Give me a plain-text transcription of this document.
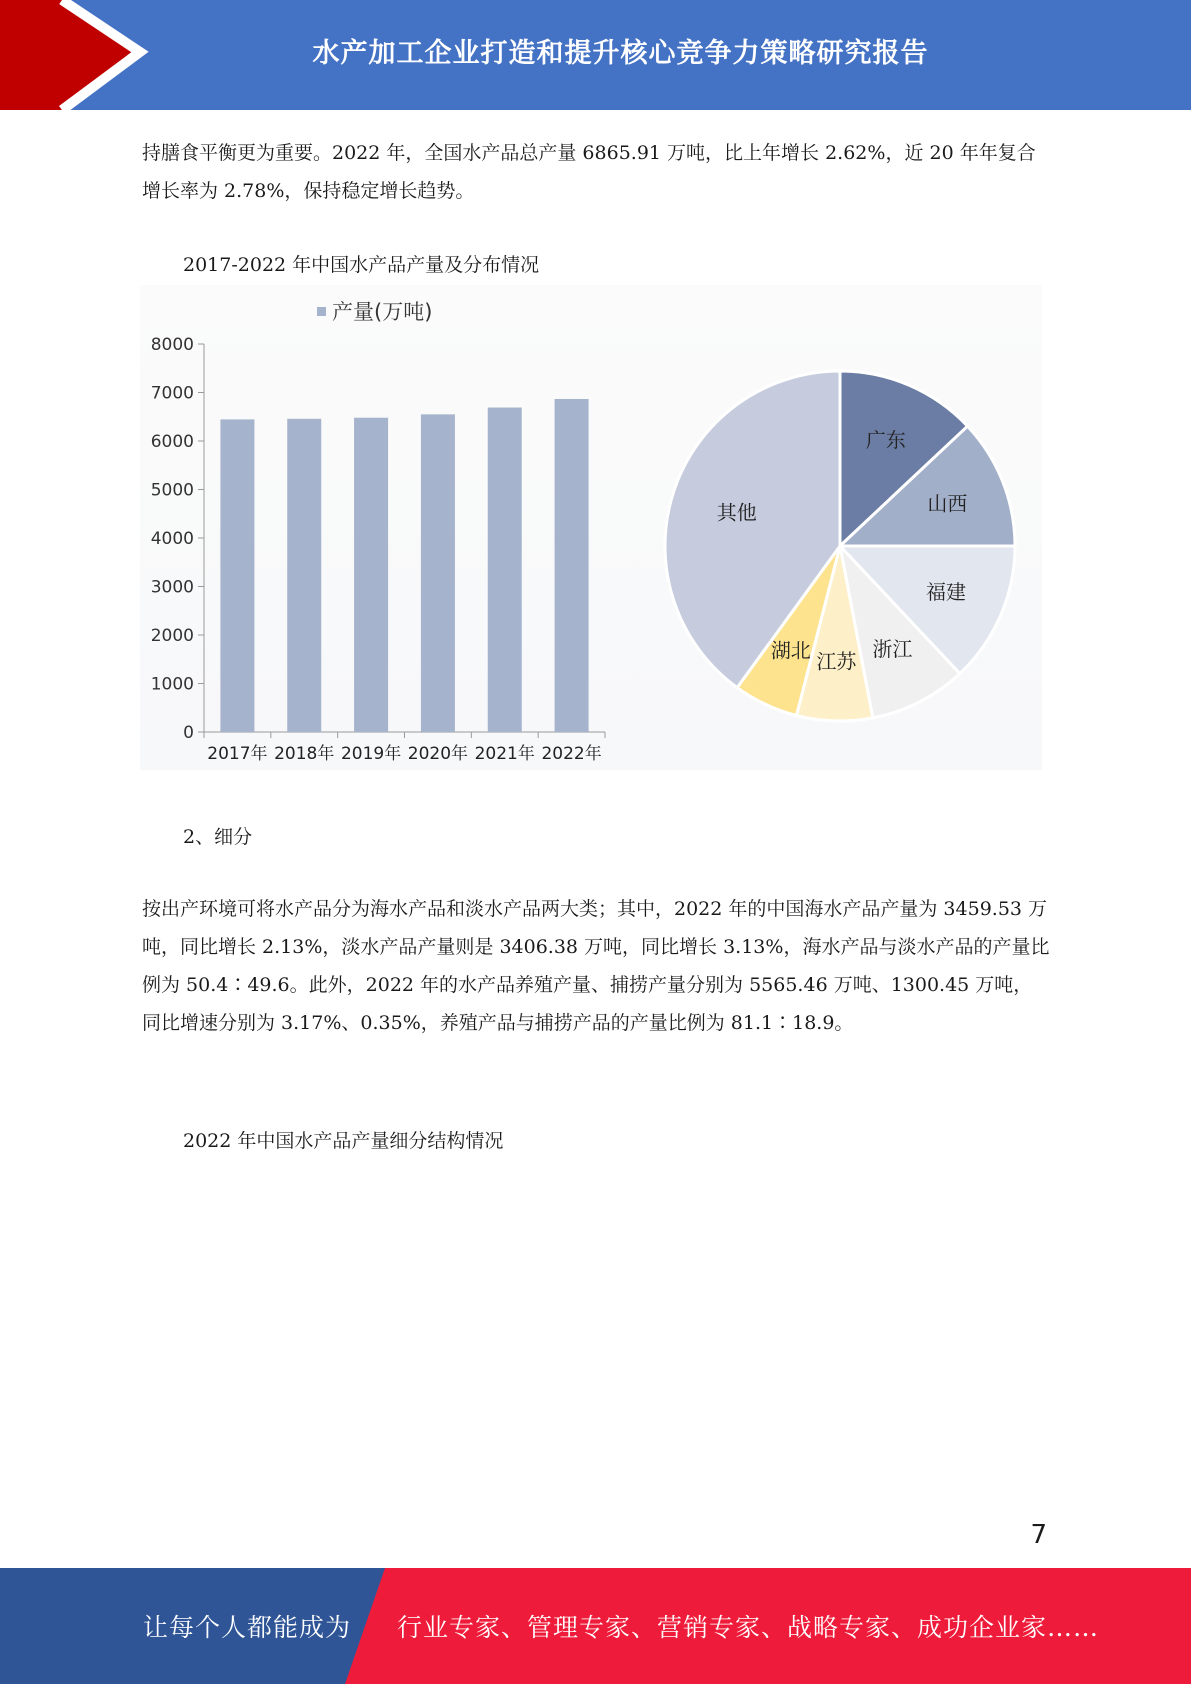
水产加工企业打造和提升核心竞争力策略研究报告

持膳食平衡更为重要。2022 年，全国水产品总产量 6865.91 万吨，比上年增长 2.62%，近 20 年年复合增长率为 2.78%，保持稳定增长趋势。

2017-2022 年中国水产品产量及分布情况

产量(万吨)
0
1000
2000
3000
4000
5000
6000
7000
8000
2017年 2018年 2019年 2020年 2021年 2022年
广东
山西
福建
浙江
江苏
湖北
其他

2、细分

按出产环境可将水产品分为海水产品和淡水产品两大类；其中，2022 年的中国海水产品产量为 3459.53 万吨，同比增长 2.13%，淡水产品产量则是 3406.38 万吨，同比增长 3.13%，海水产品与淡水产品的产量比例为 50.4∶49.6。此外，2022 年的水产品养殖产量、捕捞产量分别为 5565.46 万吨、1300.45 万吨，同比增速分别为 3.17%、0.35%，养殖产品与捕捞产品的产量比例为 81.1∶18.9。

2022 年中国水产品产量细分结构情况

7
让每个人都能成为 行业专家、管理专家、营销专家、战略专家、成功企业家……
